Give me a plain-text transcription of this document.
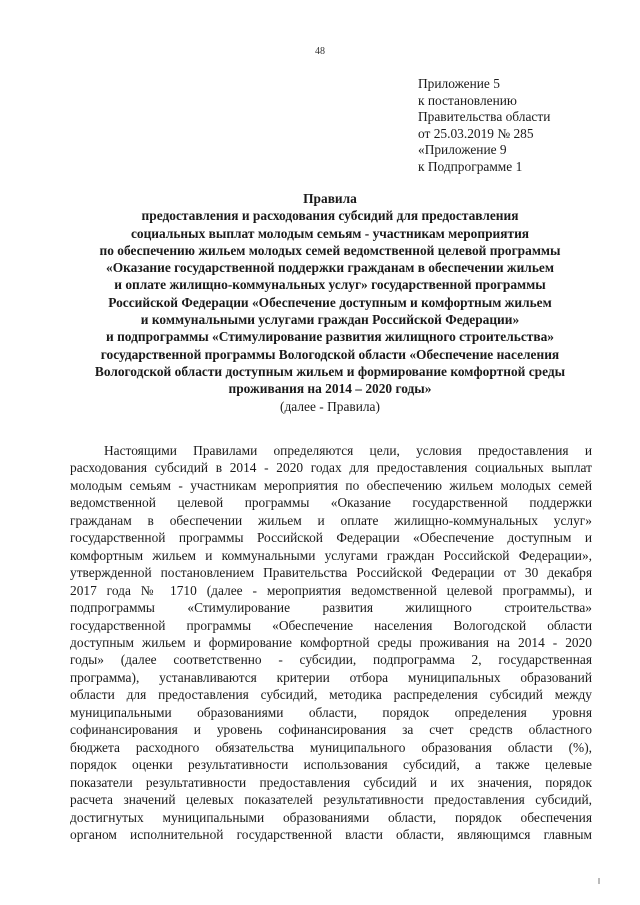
48
Приложение 5
к постановлению
Правительства области
от 25.03.2019 № 285
«Приложение 9
к Подпрограмме 1
Правила
предоставления и расходования субсидий для предоставления
социальных выплат молодым семьям - участникам мероприятия
по обеспечению жильем молодых семей ведомственной целевой программы
«Оказание государственной поддержки гражданам в обеспечении жильем
и оплате жилищно-коммунальных услуг» государственной программы
Российской Федерации «Обеспечение доступным и комфортным жильем
и коммунальными услугами граждан Российской Федерации»
и подпрограммы «Стимулирование развития жилищного строительства»
государственной программы Вологодской области «Обеспечение населения
Вологодской области доступным жильем и формирование комфортной среды
проживания на 2014 – 2020 годы»
(далее - Правила)
Настоящими Правилами определяются цели, условия предоставления и
расходования субсидий в 2014 - 2020 годах для предоставления социальных выплат
молодым семьям - участникам мероприятия по обеспечению жильем молодых семей
ведомственной целевой программы «Оказание государственной поддержки
гражданам в обеспечении жильем и оплате жилищно-коммунальных услуг»
государственной программы Российской Федерации «Обеспечение доступным и
комфортным жильем и коммунальными услугами граждан Российской Федерации»,
утвержденной постановлением Правительства Российской Федерации от 30 декабря
2017 года № 1710 (далее - мероприятия ведомственной целевой программы), и
подпрограммы «Стимулирование развития жилищного строительства»
государственной программы «Обеспечение населения Вологодской области
доступным жильем и формирование комфортной среды проживания на 2014 - 2020
годы» (далее соответственно - субсидии, подпрограмма 2, государственная
программа), устанавливаются критерии отбора муниципальных образований
области для предоставления субсидий, методика распределения субсидий между
муниципальными образованиями области, порядок определения уровня
софинансирования и уровень софинансирования за счет средств областного
бюджета расходного обязательства муниципального образования области (%),
порядок оценки результативности использования субсидий, а также целевые
показатели результативности предоставления субсидий и их значения, порядок
расчета значений целевых показателей результативности предоставления субсидий,
достигнутых муниципальными образованиями области, порядок обеспечения
органом исполнительной государственной власти области, являющимся главным
